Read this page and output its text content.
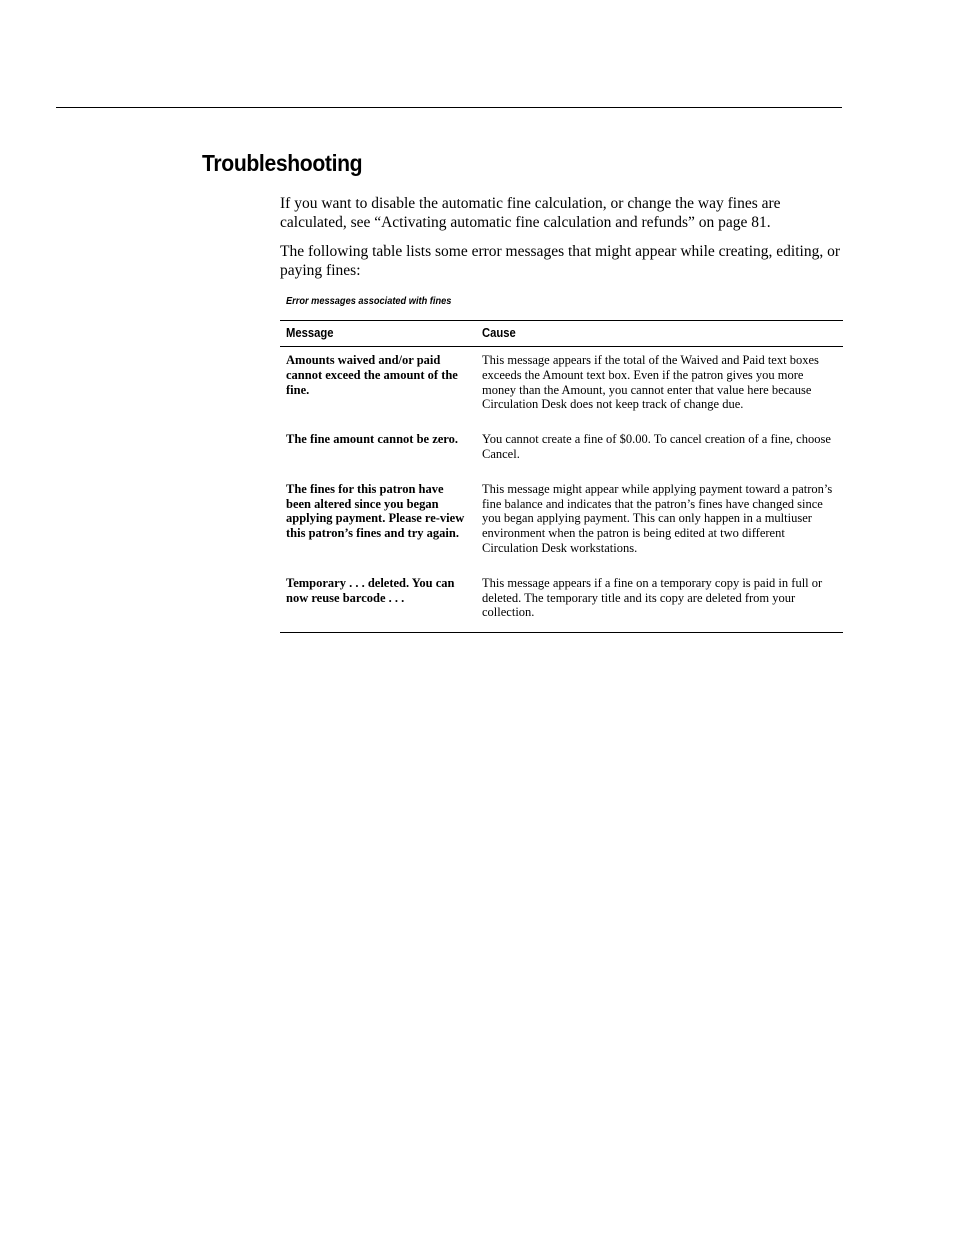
Troubleshooting

If you want to disable the automatic fine calculation, or change the way fines are calculated, see “Activating automatic fine calculation and refunds” on page 81.

The following table lists some error messages that might appear while creating, editing, or paying fines:

Error messages associated with fines

Message	Cause
Amounts waived and/or paid cannot exceed the amount of the fine.	This message appears if the total of the Waived and Paid text boxes exceeds the Amount text box. Even if the patron gives you more money than the Amount, you cannot enter that value here because Circulation Desk does not keep track of change due.
The fine amount cannot be zero.	You cannot create a fine of $0.00. To cancel creation of a fine, choose Cancel.
The fines for this patron have been altered since you began applying payment. Please re-view this patron’s fines and try again.	This message might appear while applying payment toward a patron’s fine balance and indicates that the patron’s fines have changed since you began applying payment. This can only happen in a multiuser environment when the patron is being edited at two different Circulation Desk workstations.
Temporary . . . deleted. You can now reuse barcode . . .	This message appears if a fine on a temporary copy is paid in full or deleted. The temporary title and its copy are deleted from your collection.
